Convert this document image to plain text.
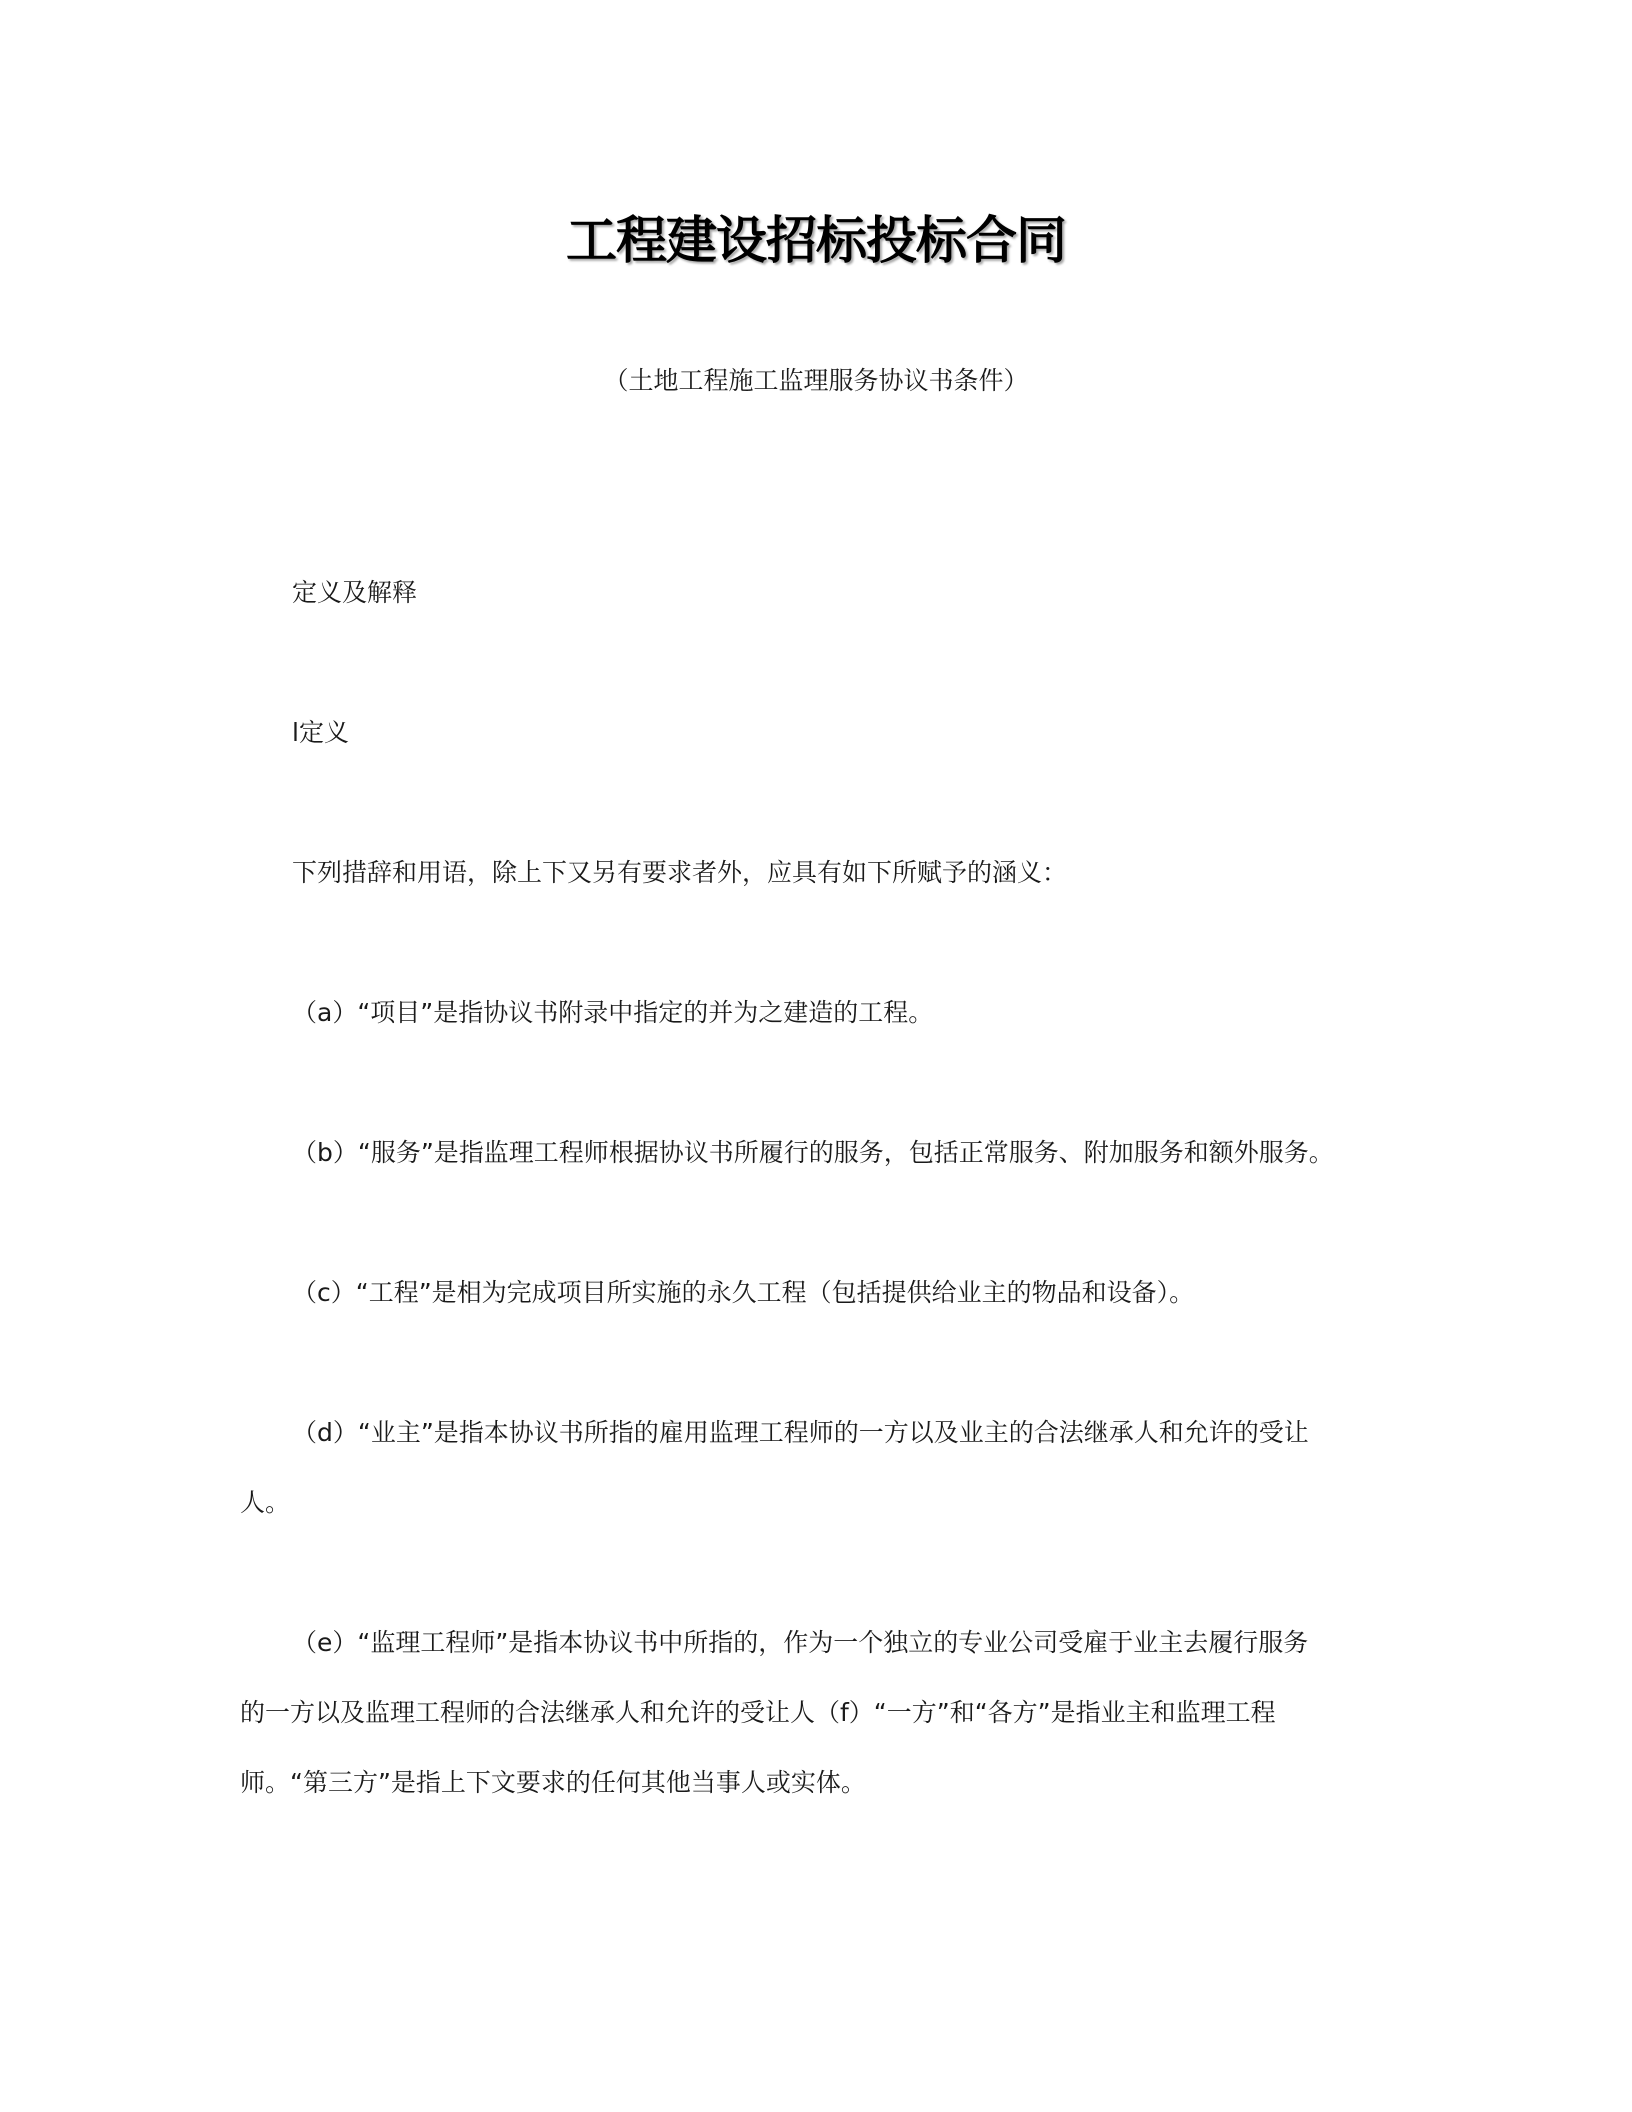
工程建设招标投标合同
（土地工程施工监理服务协议书条件）
定义及解释
l定义
下列措辞和用语，除上下又另有要求者外，应具有如下所赋予的涵义：
（a）“项目”是指协议书附录中指定的并为之建造的工程。
（b）“服务”是指监理工程师根据协议书所履行的服务，包括正常服务、附加服务和额外服务。
（c）“工程”是相为完成项目所实施的永久工程（包括提供给业主的物品和设备）。
（d）“业主”是指本协议书所指的雇用监理工程师的一方以及业主的合法继承人和允许的受让
人。
（e）“监理工程师”是指本协议书中所指的，作为一个独立的专业公司受雇于业主去履行服务
的一方以及监理工程师的合法继承人和允许的受让人（f）“一方”和“各方”是指业主和监理工程
师。“第三方”是指上下文要求的任何其他当事人或实体。
